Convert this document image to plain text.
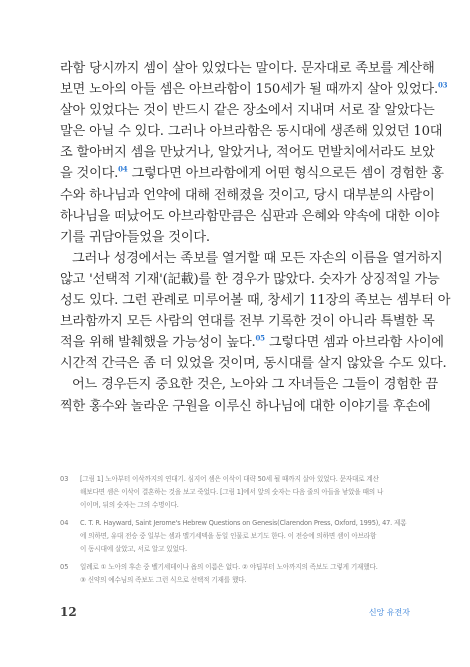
라함 당시까지 셈이 살아 있었다는 말이다. 문자대로 족보를 계산해
보면 노아의 아들 셈은 아브라함이 150세가 될 때까지 살아 있었다.$^{03}$
살아 있었다는 것이 반드시 같은 장소에서 지내며 서로 잘 알았다는
말은 아닐 수 있다. 그러나 아브라함은 동시대에 생존해 있었던 10대
조 할아버지 셈을 만났거나, 알았거나, 적어도 먼발치에서라도 보았
을 것이다.$^{04}$ 그렇다면 아브라함에게 어떤 형식으로든 셈이 경험한 홍
수와 하나님과 언약에 대해 전해졌을 것이고, 당시 대부분의 사람이
하나님을 떠났어도 아브라함만큼은 심판과 은혜와 약속에 대한 이야
기를 귀담아들었을 것이다.
그러나 성경에서는 족보를 열거할 때 모든 자손의 이름을 열거하지
않고 '선택적 기재'(記載)를 한 경우가 많았다. 숫자가 상징적일 가능
성도 있다. 그런 관례로 미루어볼 때, 창세기 11장의 족보는 셈부터 아
브라함까지 모든 사람의 연대를 전부 기록한 것이 아니라 특별한 목
적을 위해 발췌했을 가능성이 높다.$^{05}$ 그렇다면 셈과 아브라함 사이에
시간적 간극은 좀 더 있었을 것이며, 동시대를 살지 않았을 수도 있다.
어느 경우든지 중요한 것은, 노아와 그 자녀들은 그들이 경험한 끔
찍한 홍수와 놀라운 구원을 이루신 하나님에 대한 이야기를 후손에
03	[그림 1] 노아부터 이삭까지의 연대기. 심지어 셈은 이삭이 대략 50세 될 때까지 살아 있었다. 문자대로 계산
해보다면 셈은 이삭이 결혼하는 것을 보고 죽었다. [그림 1]에서 앞의 숫자는 다음 줄의 아들을 낳았을 때의 나
이이며, 뒤의 숫자는 그의 수명이다.
04	C. T. R. Hayward, Saint Jerome's Hebrew Questions on Genesis(Clarendon Press, Oxford, 1995), 47. 제롬
에 의하면, 유대 전승 중 일부는 셈과 멜기세덱을 동일 인물로 보기도 한다. 이 전승에 의하면 셈이 아브라함
이 동시대에 살았고, 서로 알고 있었다.
05	일례로 ① 노아의 후손 중 벨기세데이나 욥의 이름은 없다. ② 야딥부터 노아까지의 족보도 그렇게 기재했다.
③ 신약의 예수님의 족보도 그런 식으로 선택적 기재를 했다.
12	신앙 유전자
